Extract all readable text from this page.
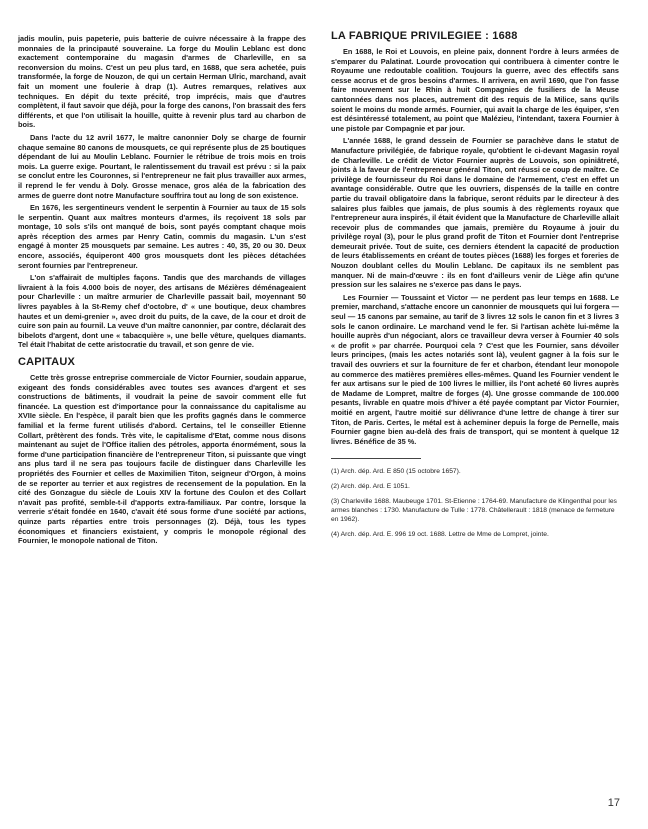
jadis moulin, puis papeterie, puis batterie de cuivre nécessaire à la frappe des monnaies de la principauté souveraine. La forge du Moulin Leblanc est donc exactement contemporaine du magasin d'armes de Charleville, en sa reconversion du moins. C'est un peu plus tard, en 1688, que sera achetée, puis transformée, la forge de Nouzon, de qui un certain Herman Ulric, marchand, avait fait un moment une foulerie à drap (1). Autres remarques, relatives aux techniques. En dépit du texte précité, trop imprécis, mais que d'autres complètent, il faut savoir que déjà, pour la forge des canons, l'on brassait des fers différents, et que l'on utilisait la houille, quitte à revenir plus tard au charbon de bois.

Dans l'acte du 12 avril 1677, le maître canonnier Doly se charge de fournir chaque semaine 80 canons de mousquets, ce qui représente plus de 25 boutiques dépendant de lui au Moulin Leblanc. Fournier le rétribue de trois mois en trois mois. La guerre exige. Pourtant, le ralentissement du travail est prévu : si la paix se conclut entre les Couronnes, si l'entrepreneur ne fait plus travailler aux armes, il reprend le fer vendu à Doly. Grosse menace, gros aléa de la fabrication des armes de guerre dont notre Manufacture souffrira tout au long de son existence.

En 1676, les sergentineurs vendent le serpentin à Fournier au taux de 15 sols le serpentin. Quant aux maîtres monteurs d'armes, ils reçoivent 18 sols par montage, 10 sols s'ils ont manqué de bois, sont payés comptant chaque mois après réception des armes par Henry Catin, commis du magasin. L'un s'est engagé à monter 25 mousquets par semaine. Les autres : 40, 35, 20 ou 30. Deux encore, associés, équiperont 400 gros mousquets dont les pièces détachées seront fournies par l'entrepreneur.

L'on s'affairait de multiples façons. Tandis que des marchands de villages livraient à la fois 4.000 bois de noyer, des artisans de Mézières déménageaient pour Charleville : un maître armurier de Charleville passait bail, moyennant 50 livres payables à la St-Remy chef d'octobre, d' « une boutique, deux chambres hautes et un demi-grenier », avec droit du puits, de la cave, de la cour et droit de cuire son pain au fournil. La veuve d'un maître canonnier, par contre, déclarait des bibelots d'argent, dont une « tabacquière », une belle vêture, quelques diamants. Tel était l'habitat de cette aristocratie du travail, et son genre de vie.

CAPITAUX

Cette très grosse entreprise commerciale de Victor Fournier, soudain apparue, exigeant des fonds considérables avec toutes ses avances d'argent et ses constructions de bâtiments, il voudrait la peine de savoir comment elle fut financée. La question est d'importance pour la connaissance du capitalisme au XVIIe siècle. En l'espèce, il paraît bien que les profits gagnés dans le commerce familial et la ferme furent utilisés d'abord. Certains, tel le conseiller Etienne Collart, prêtèrent des fonds. Très vite, le capitalisme d'Etat, comme nous disons maintenant au sujet de l'Office italien des pétroles, apporta énormément, sous la forme d'une participation financière de l'entrepreneur Titon, si puissante que vingt ans plus tard il ne sera pas toujours facile de distinguer dans Charleville les propriétés des Fournier et celles de Maximilien Titon, seigneur d'Orgon, à moins de se reporter au terrier et aux registres de recensement de la population. En la cité des Gonzague du siècle de Louis XIV la fortune des Coulon et des Collart n'avait pas profité, semble-t-il d'apports extra-familiaux. Par contre, lorsque la verrerie s'était fondée en 1640, c'avait été sous forme d'une société par actions, quinze parts réparties entre trois personnages (2). Déjà, tous les types économiques et financiers existaient, y compris le monopole régional des Fournier, le monopole national de Titon.

LA FABRIQUE PRIVILEGIEE : 1688

En 1688, le Roi et Louvois, en pleine paix, donnent l'ordre à leurs armées de s'emparer du Palatinat. Lourde provocation qui contribuera à cimenter contre le Royaume une redoutable coalition. Toujours la guerre, avec des effectifs sans cesse accrus et de gros besoins d'armes. Il arrivera, en avril 1690, que l'on fasse faire mouvement sur le Rhin à huit Compagnies de fusiliers de la Meuse cantonnées dans nos places, autrement dit des requis de la Milice, sans qu'ils soient le moins du monde armés. Fournier, qui avait la charge de les équiper, s'en est désintéressé totalement, au point que Malézieu, l'intendant, taxera Fournier à une pistole par Compagnie et par jour.

L'année 1688, le grand dessein de Fournier se parachève dans le statut de Manufacture privilégiée, de fabrique royale, qu'obtient le ci-devant Magasin royal de Charleville. Le crédit de Victor Fournier auprès de Louvois, son opiniâtreté, joints à la faveur de l'entrepreneur général Titon, ont réussi ce coup de maître. Ce privilège de fournisseur du Roi dans le domaine de l'armement, c'est en effet un avantage considérable. Outre que les ouvriers, dispensés de la taille en contre partie du travail obligatoire dans la fabrique, seront réduits par le directeur à des salaires plus faibles que jamais, de plus soumis à des règlements royaux que l'entrepreneur aura inspirés, il était évident que la Manufacture de Charleville allait recevoir plus de commandes que jamais, première du Royaume à jouir du privilège royal (3), pour le plus grand profit de Titon et Fournier dont l'entreprise demeurait privée. Tout de suite, ces derniers étendent la capacité de production de leurs établissements en créant de toutes pièces (1688) les forges et foreries de Nouzon doublant celles du Moulin Leblanc. De capitaux ils ne semblent pas manquer. Ni de main-d'œuvre : ils en font d'ailleurs venir de Liège afin qu'une pression sur les salaires ne s'exerce pas dans le pays.

Les Fournier — Toussaint et Victor — ne perdent pas leur temps en 1688. Le premier, marchand, s'attache encore un canonnier de mousquets qui lui forgera — seul — 15 canons par semaine, au tarif de 3 livres 12 sols le canon fin et 3 livres 3 sols le canon ordinaire. Le marchand vend le fer. Si l'artisan achète lui-même la houille auprès d'un négociant, alors ce travailleur devra verser à Fournier 40 sols « de profit » par charrée. Pourquoi cela ? C'est que les Fournier, sans dévoiler leurs principes, (mais les actes notariés sont là), veulent gagner à la fois sur le travail des ouvriers et sur la fourniture de fer et charbon, étendant leur monopole au commerce des matières premières elles-mêmes. Quand les Fournier vendent le fer aux artisans sur le pied de 100 livres le millier, ils l'ont acheté 60 livres auprès de Madame de Lompret, maître de forges (4). Une grosse commande de 100.000 pesants, livrable en quatre mois d'hiver a été payée comptant par Victor Fournier, moitié en argent, l'autre moitié sur délivrance d'une lettre de change à tirer sur Titon, de Paris. Certes, le métal est à acheminer depuis la forge de Pernelle, mais Fournier gagne bien au-delà des frais de transport, qui se montent à quelque 12 livres. Bénéfice de 35 %.

(1) Arch. dép. Ard. E 850 (15 octobre 1657).

(2) Arch. dép. Ard. E 1051.

(3) Charleville 1688. Maubeuge 1701. St-Etienne : 1764-69. Manufacture de Klingenthal pour les armes blanches : 1730. Manufacture de Tulle : 1778. Châtellerault : 1818 (menace de fermeture en 1962).

(4) Arch. dép. Ard. E. 996 19 oct. 1688. Lettre de Mme de Lompret, jointe.

17
